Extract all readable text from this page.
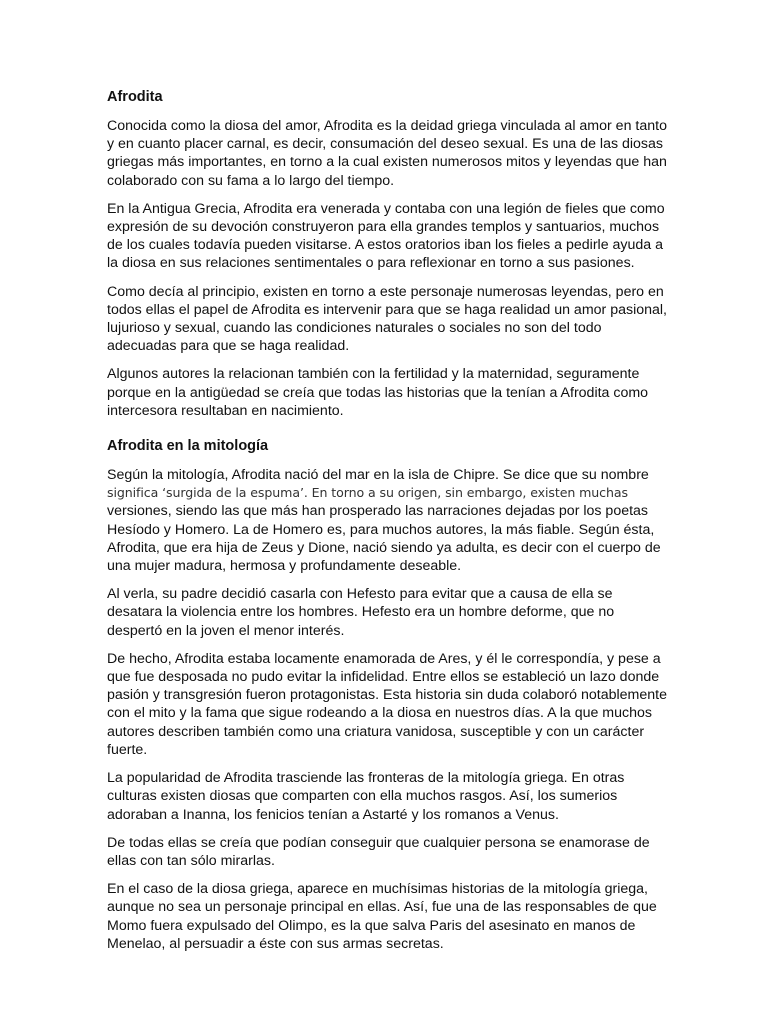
Afrodita

Conocida como la diosa del amor, Afrodita es la deidad griega vinculada al amor en tanto y en cuanto placer carnal, es decir, consumación del deseo sexual. Es una de las diosas griegas más importantes, en torno a la cual existen numerosos mitos y leyendas que han colaborado con su fama a lo largo del tiempo.

En la Antigua Grecia, Afrodita era venerada y contaba con una legión de fieles que como expresión de su devoción construyeron para ella grandes templos y santuarios, muchos de los cuales todavía pueden visitarse. A estos oratorios iban los fieles a pedirle ayuda a la diosa en sus relaciones sentimentales o para reflexionar en torno a sus pasiones.

Como decía al principio, existen en torno a este personaje numerosas leyendas, pero en todos ellas el papel de Afrodita es intervenir para que se haga realidad un amor pasional, lujurioso y sexual, cuando las condiciones naturales o sociales no son del todo adecuadas para que se haga realidad.

Algunos autores la relacionan también con la fertilidad y la maternidad, seguramente porque en la antigüedad se creía que todas las historias que la tenían a Afrodita como intercesora resultaban en nacimiento.

Afrodita en la mitología

Según la mitología, Afrodita nació del mar en la isla de Chipre. Se dice que su nombre significa ‘surgida de la espuma’. En torno a su origen, sin embargo, existen muchas versiones, siendo las que más han prosperado las narraciones dejadas por los poetas Hesíodo y Homero. La de Homero es, para muchos autores, la más fiable. Según ésta, Afrodita, que era hija de Zeus y Dione, nació siendo ya adulta, es decir con el cuerpo de una mujer madura, hermosa y profundamente deseable.

Al verla, su padre decidió casarla con Hefesto para evitar que a causa de ella se desatara la violencia entre los hombres. Hefesto era un hombre deforme, que no despertó en la joven el menor interés.

De hecho, Afrodita estaba locamente enamorada de Ares, y él le correspondía, y pese a que fue desposada no pudo evitar la infidelidad. Entre ellos se estableció un lazo donde pasión y transgresión fueron protagonistas. Esta historia sin duda colaboró notablemente con el mito y la fama que sigue rodeando a la diosa en nuestros días. A la que muchos autores describen también como una criatura vanidosa, susceptible y con un carácter fuerte.

La popularidad de Afrodita trasciende las fronteras de la mitología griega. En otras culturas existen diosas que comparten con ella muchos rasgos. Así, los sumerios adoraban a Inanna, los fenicios tenían a Astarté y los romanos a Venus.

De todas ellas se creía que podían conseguir que cualquier persona se enamorase de ellas con tan sólo mirarlas.

En el caso de la diosa griega, aparece en muchísimas historias de la mitología griega, aunque no sea un personaje principal en ellas. Así, fue una de las responsables de que Momo fuera expulsado del Olimpo, es la que salva Paris del asesinato en manos de Menelao, al persuadir a éste con sus armas secretas.
